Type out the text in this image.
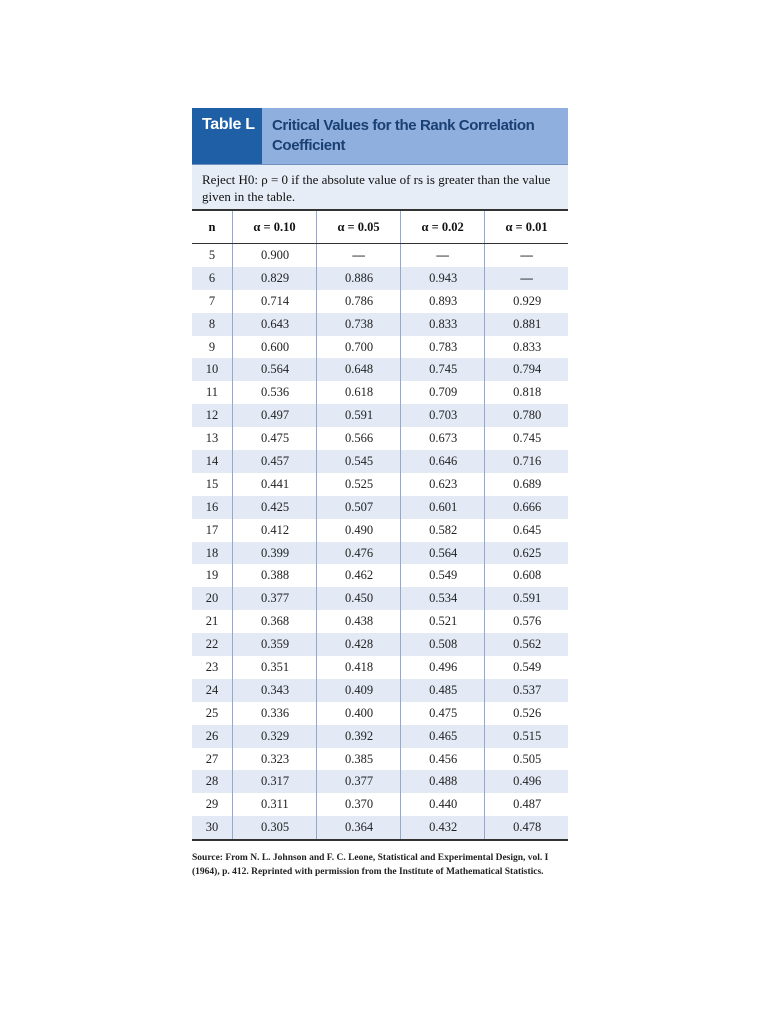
Table L	Critical Values for the Rank Correlation
Coefficient
Reject H0: ρ = 0 if the absolute value of rs is greater than the value given in the table.
n	α = 0.10	α = 0.05	α = 0.02	α = 0.01
5	0.900	—	—	—
6	0.829	0.886	0.943	—
7	0.714	0.786	0.893	0.929
8	0.643	0.738	0.833	0.881
9	0.600	0.700	0.783	0.833
10	0.564	0.648	0.745	0.794
11	0.536	0.618	0.709	0.818
12	0.497	0.591	0.703	0.780
13	0.475	0.566	0.673	0.745
14	0.457	0.545	0.646	0.716
15	0.441	0.525	0.623	0.689
16	0.425	0.507	0.601	0.666
17	0.412	0.490	0.582	0.645
18	0.399	0.476	0.564	0.625
19	0.388	0.462	0.549	0.608
20	0.377	0.450	0.534	0.591
21	0.368	0.438	0.521	0.576
22	0.359	0.428	0.508	0.562
23	0.351	0.418	0.496	0.549
24	0.343	0.409	0.485	0.537
25	0.336	0.400	0.475	0.526
26	0.329	0.392	0.465	0.515
27	0.323	0.385	0.456	0.505
28	0.317	0.377	0.488	0.496
29	0.311	0.370	0.440	0.487
30	0.305	0.364	0.432	0.478
Source: From N. L. Johnson and F. C. Leone, Statistical and Experimental Design, vol. I (1964), p. 412. Reprinted with permission from the Institute of Mathematical Statistics.
